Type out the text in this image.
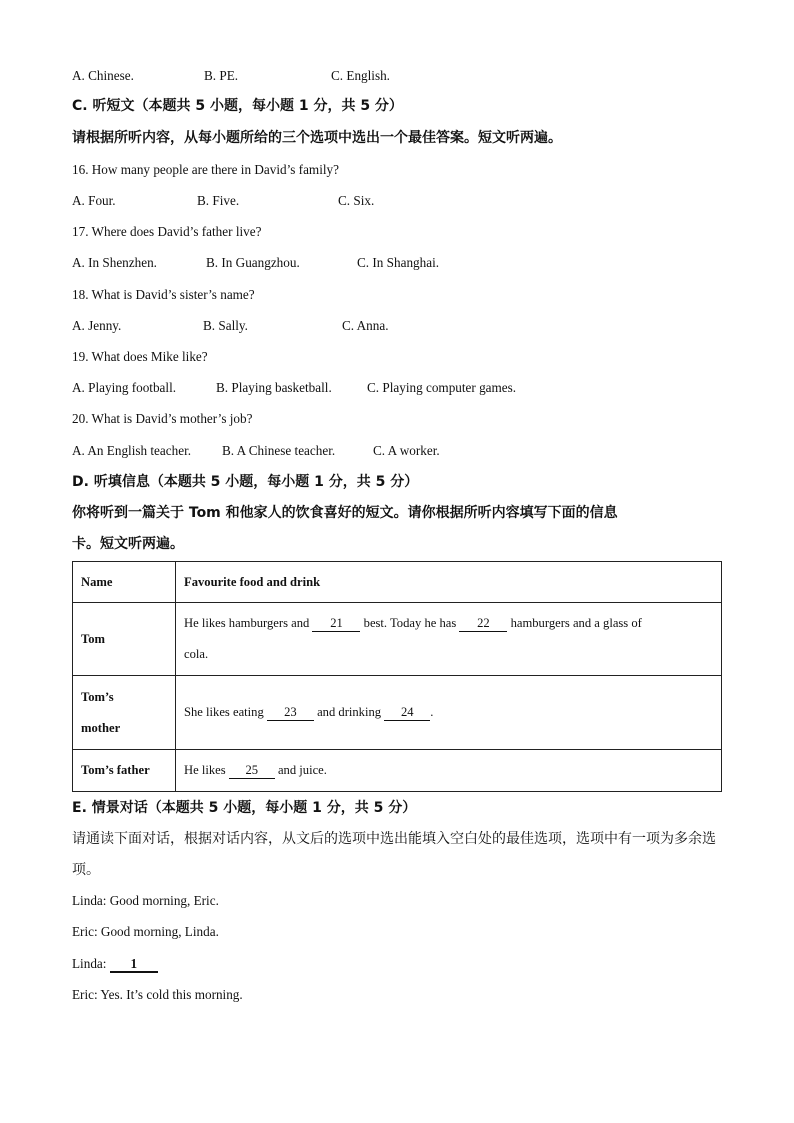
A. Chinese.	B. PE.	C. English.
C. 听短文（本题共 5 小题，每小题 1 分，共 5 分）
请根据所听内容，从每小题所给的三个选项中选出一个最佳答案。短文听两遍。
16. How many people are there in David’s family?
A. Four.	B. Five.	C. Six.
17. Where does David’s father live?
A. In Shenzhen.	B. In Guangzhou.	C. In Shanghai.
18. What is David’s sister’s name?
A. Jenny.	B. Sally.	C. Anna.
19. What does Mike like?
A. Playing football.	B. Playing basketball.	C. Playing computer games.
20. What is David’s mother’s job?
A. An English teacher. B. A Chinese teacher.	C. A worker.
D. 听填信息（本题共 5 小题，每小题 1 分，共 5 分）
你将听到一篇关于 Tom 和他家人的饮食喜好的短文。请你根据所听内容填写下面的信息
卡。短文听两遍。
Name	Favourite food and drink
Tom	He likes hamburgers and 21 best. Today he has 22 hamburgers and a glass of
cola.
Tom’s
mother	She likes eating 23 and drinking 24 .
Tom’s father	He likes 25 and juice.
E. 情景对话（本题共 5 小题，每小题 1 分，共 5 分）
请通读下面对话，根据对话内容，从文后的选项中选出能填入空白处的最佳选项，选项中有一项为多余选
项。
Linda: Good morning, Eric.
Eric: Good morning, Linda.
Linda: 1
Eric: Yes. It’s cold this morning.
